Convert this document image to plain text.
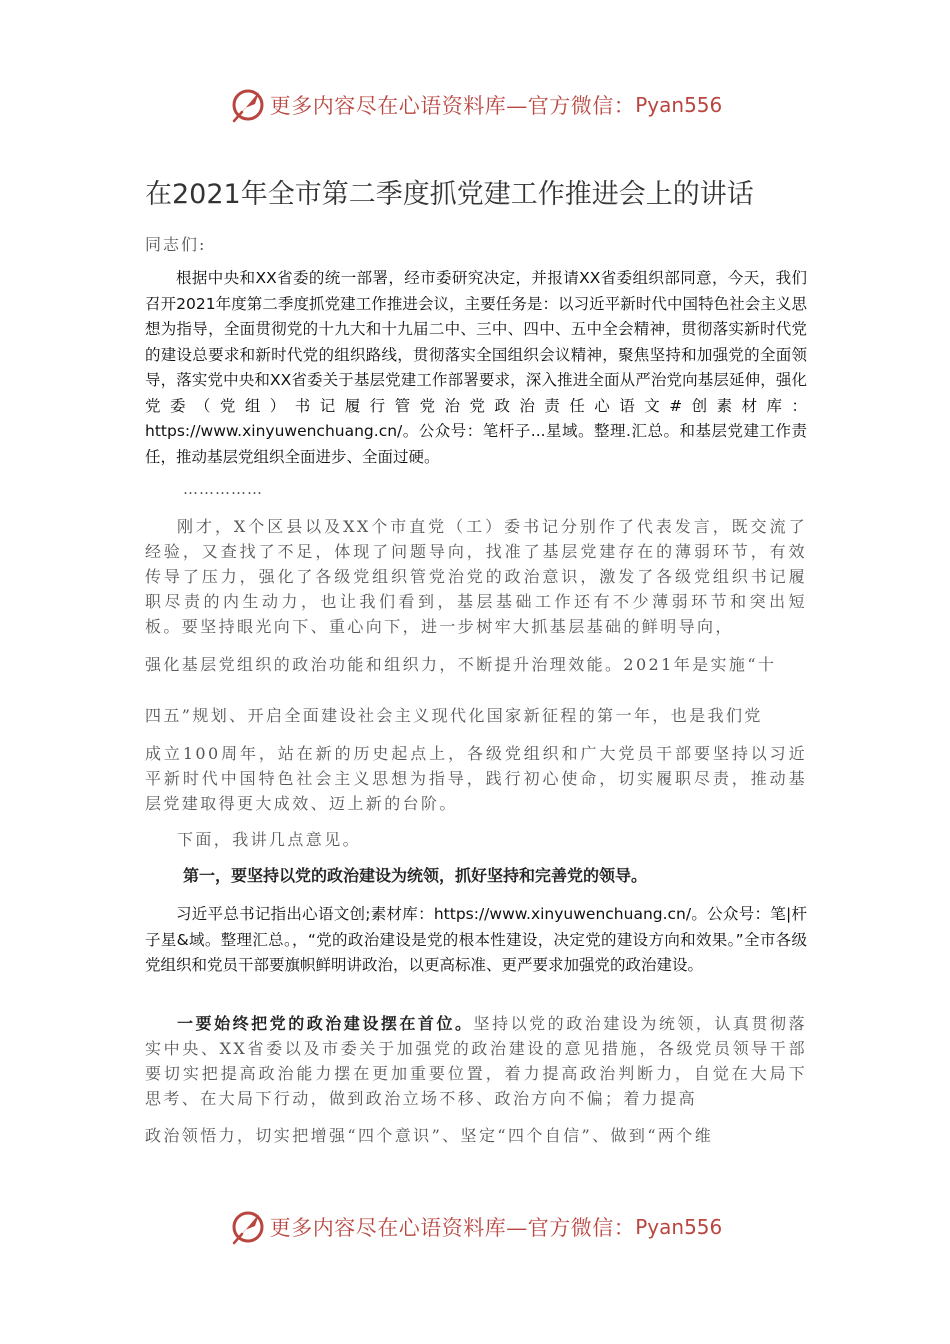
更多内容尽在心语资料库—官方微信： Pyan556
在2021年全市第二季度抓党建工作推进会上的讲话
同志们:

根据中央和XX省委的统一部署，经市委研究决定，并报请XX省委组织部同意，今天，我们召开2021年度第二季度抓党建工作推进会议，主要任务是：以习近平新时代中国特色社会主义思想为指导，全面贯彻党的十九大和十九届二中、三中、四中、五中全会精神，贯彻落实新时代党的建设总要求和新时代党的组织路线，贯彻落实全国组织会议精神，聚焦坚持和加强党的全面领导，落实党中央和XX省委关于基层党建工作部署要求，深入推进全面从严治党向基层延伸，强化党委（党组）书记履行管党治党政治责任心语文#创素材库：https://www.xinyuwenchuang.cn/。公众号：笔杆子...星域。整理.汇总。和基层党建工作责任，推动基层党组织全面进步、全面过硬。

……………

刚才，X个区县以及XX个市直党（工）委书记分别作了代表发言，既交流了经验，又查找了不足，体现了问题导向，找准了基层党建存在的薄弱环节，有效传导了压力，强化了各级党组织管党治党的政治意识，激发了各级党组织书记履职尽责的内生动力，也让我们看到，基层基础工作还有不少薄弱环节和突出短板。要坚持眼光向下、重心向下，进一步树牢大抓基层基础的鲜明导向，

强化基层党组织的政治功能和组织力，不断提升治理效能。2021年是实施“十

四五”规划、开启全面建设社会主义现代化国家新征程的第一年，也是我们党

成立100周年，站在新的历史起点上，各级党组织和广大党员干部要坚持以习近平新时代中国特色社会主义思想为指导，践行初心使命，切实履职尽责，推动基层党建取得更大成效、迈上新的台阶。

下面，我讲几点意见。

第一，要坚持以党的政治建设为统领，抓好坚持和完善党的领导。

习近平总书记指出心语文创;素材库：https://www.xinyuwenchuang.cn/。公众号：笔|杆子星&域。整理汇总。，“党的政治建设是党的根本性建设，决定党的建设方向和效果。”全市各级党组织和党员干部要旗帜鲜明讲政治，以更高标准、更严要求加强党的政治建设。

一要始终把党的政治建设摆在首位。坚持以党的政治建设为统领，认真贯彻落实中央、XX省委以及市委关于加强党的政治建设的意见措施，各级党员领导干部要切实把提高政治能力摆在更加重要位置，着力提高政治判断力，自觉在大局下思考、在大局下行动，做到政治立场不移、政治方向不偏；着力提高

政治领悟力，切实把增强“四个意识”、坚定“四个自信”、做到“两个维

更多内容尽在心语资料库—官方微信： Pyan556
